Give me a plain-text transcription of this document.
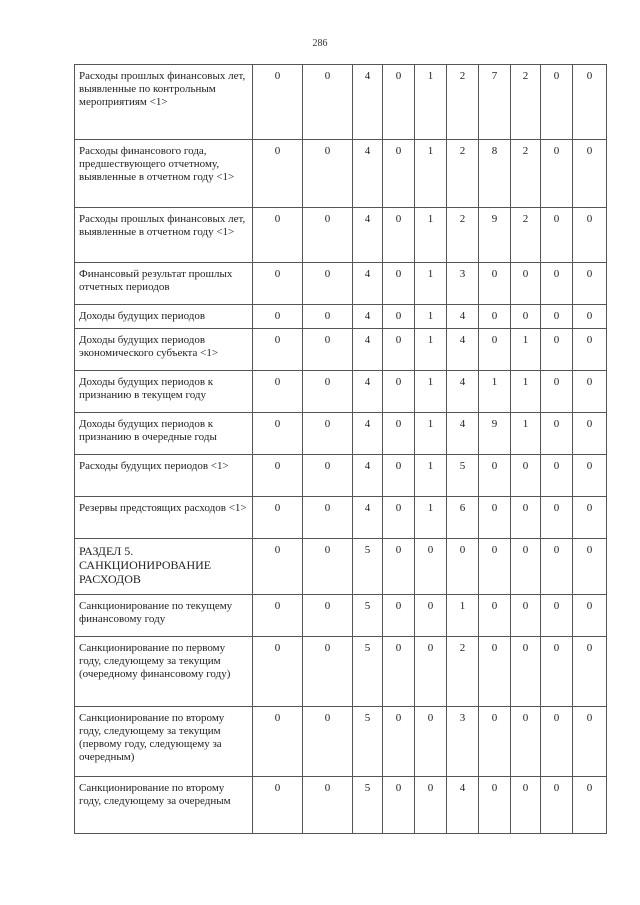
286
Расходы прошлых финансовых лет, выявленные по контрольным мероприятиям <1>	0	0	4	0	1	2	7	2	0	0
Расходы финансового года, предшествующего отчетному, выявленные в отчетном году <1>	0	0	4	0	1	2	8	2	0	0
Расходы прошлых финансовых лет, выявленные в отчетном году <1>	0	0	4	0	1	2	9	2	0	0
Финансовый результат прошлых отчетных периодов	0	0	4	0	1	3	0	0	0	0
Доходы будущих периодов	0	0	4	0	1	4	0	0	0	0
Доходы будущих периодов экономического субъекта <1>	0	0	4	0	1	4	0	1	0	0
Доходы будущих периодов к признанию в текущем году	0	0	4	0	1	4	1	1	0	0
Доходы будущих периодов к признанию в очередные годы	0	0	4	0	1	4	9	1	0	0
Расходы будущих периодов <1>	0	0	4	0	1	5	0	0	0	0
Резервы предстоящих расходов <1>	0	0	4	0	1	6	0	0	0	0
РАЗДЕЛ 5. САНКЦИОНИРОВАНИЕ РАСХОДОВ	0	0	5	0	0	0	0	0	0	0
Санкционирование по текущему финансовому году	0	0	5	0	0	1	0	0	0	0
Санкционирование по первому году, следующему за текущим (очередному финансовому году)	0	0	5	0	0	2	0	0	0	0
Санкционирование по второму году, следующему за текущим (первому году, следующему за очередным)	0	0	5	0	0	3	0	0	0	0
Санкционирование по второму году, следующему за очередным	0	0	5	0	0	4	0	0	0	0
